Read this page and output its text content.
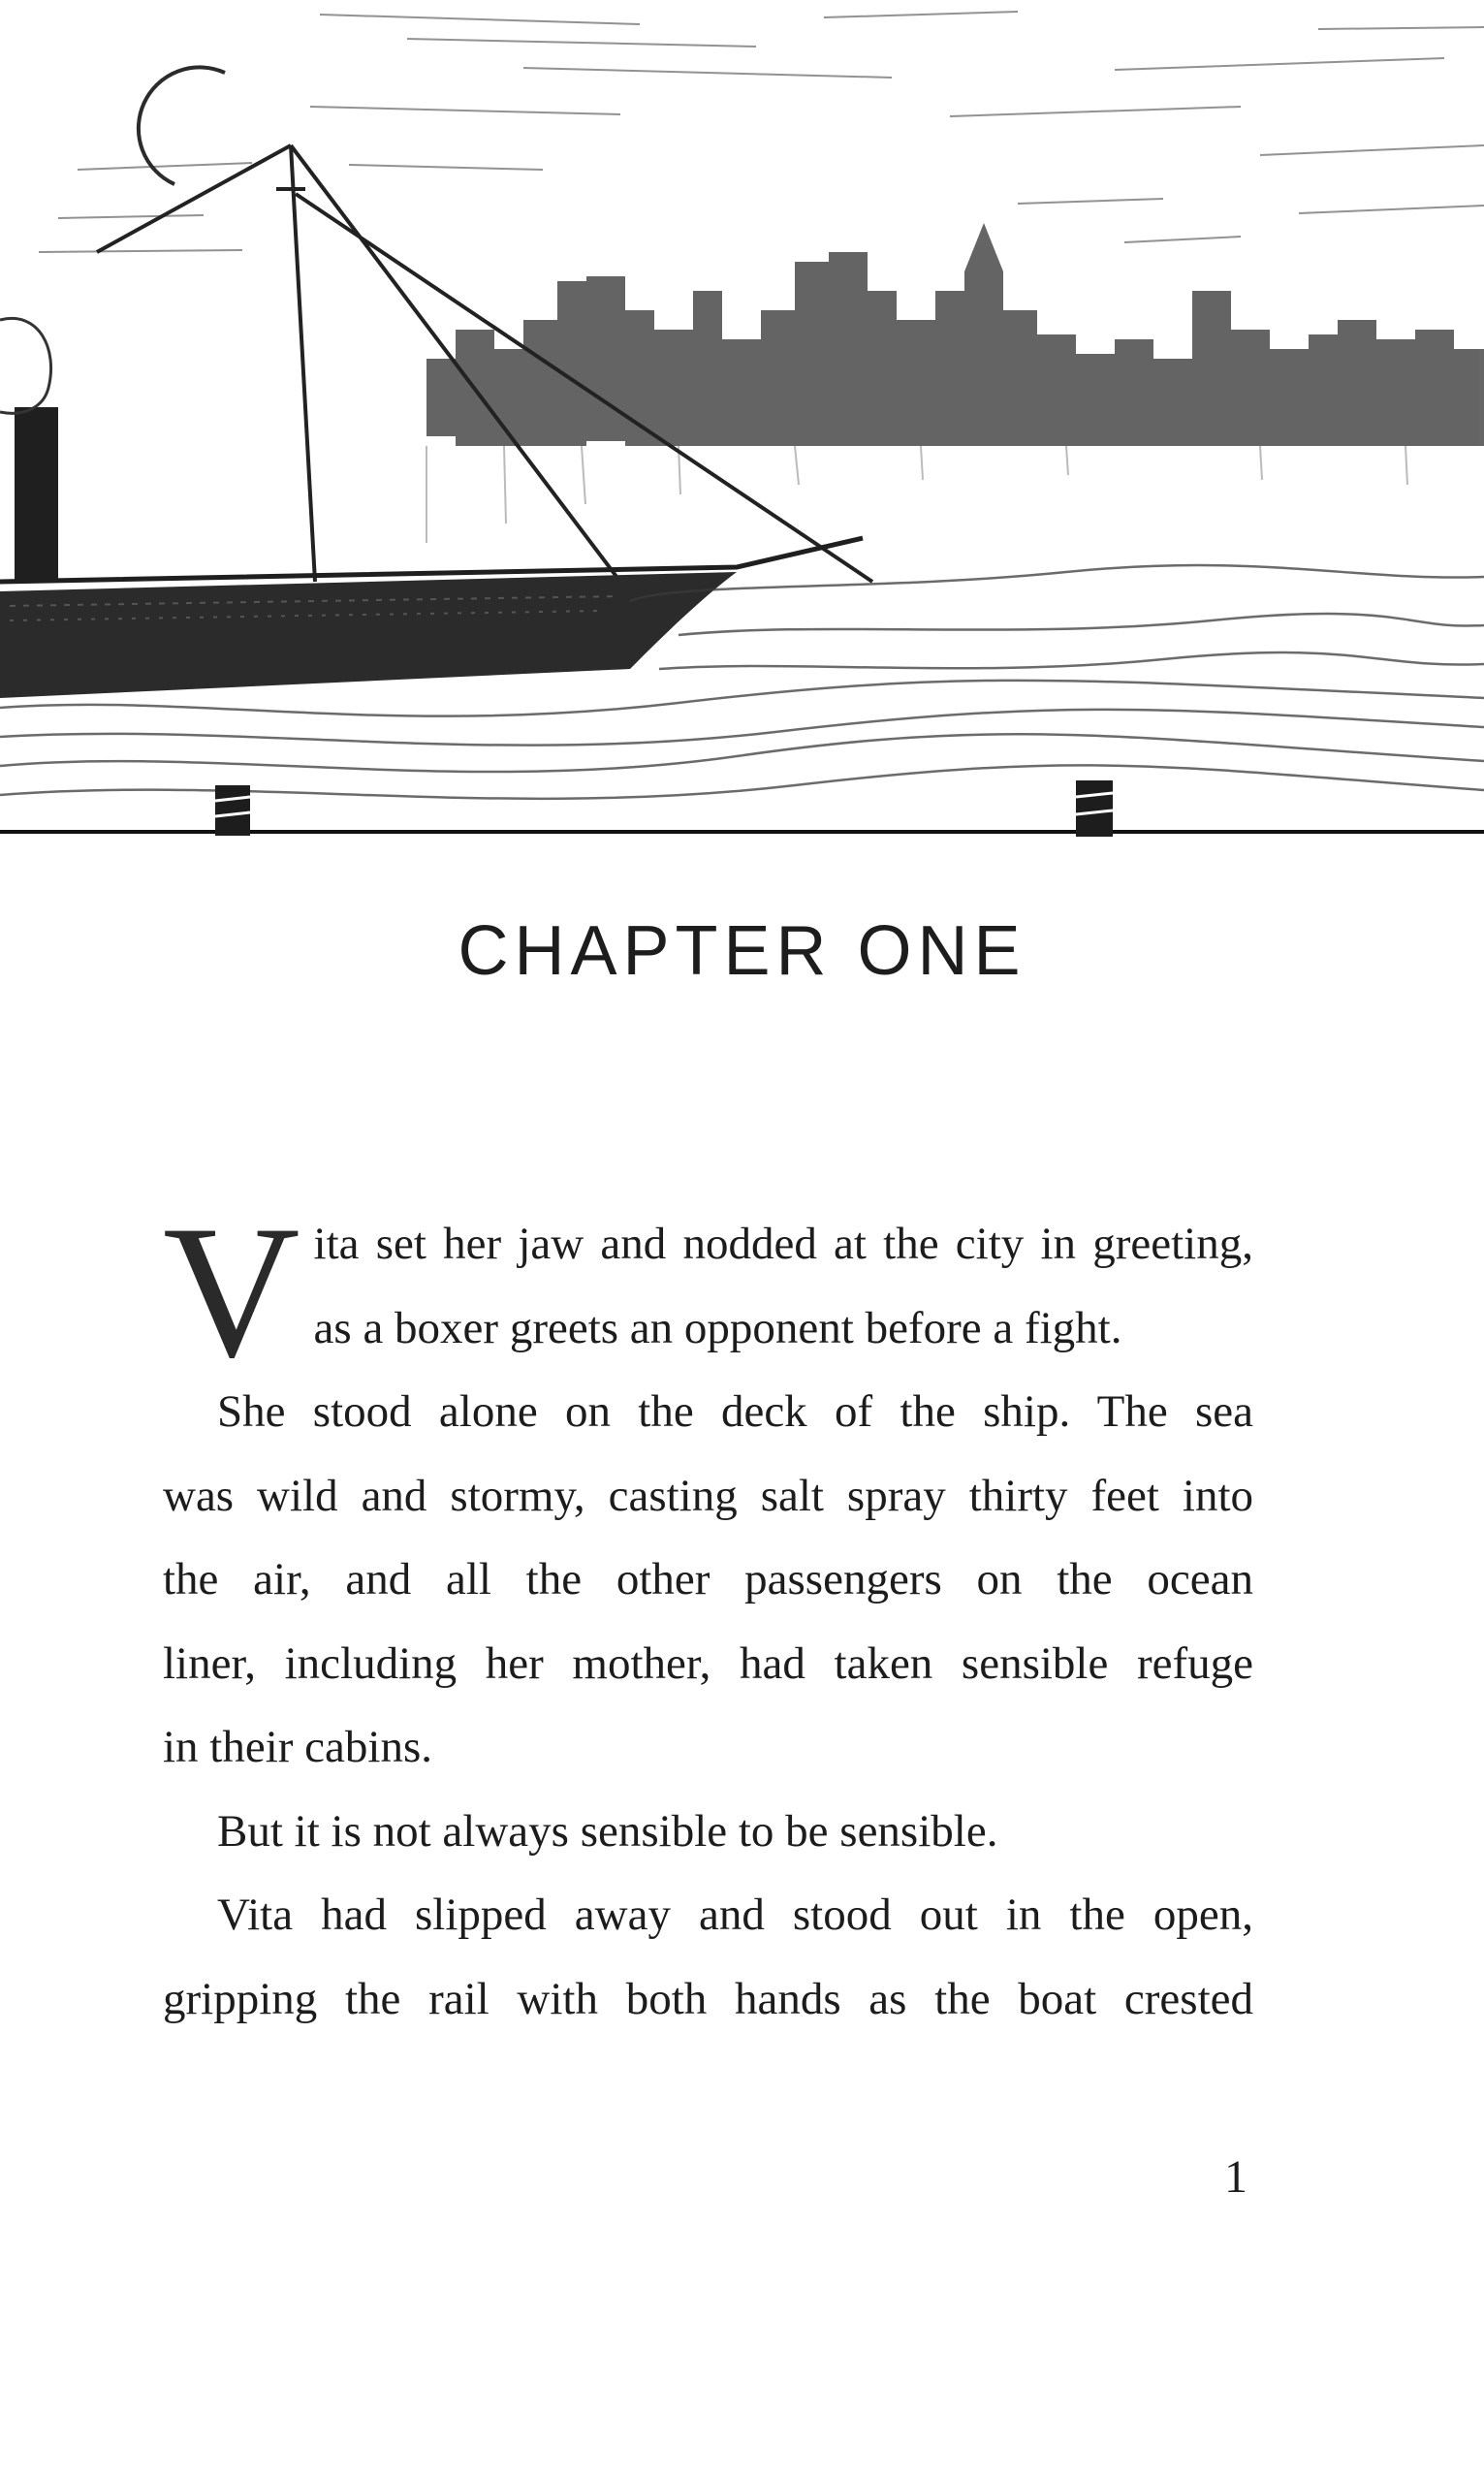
CHAPTER ONE

V ita set her jaw and nodded at the city in greeting,
as a boxer greets an opponent before a fight.

She stood alone on the deck of the ship. The sea

was wild and stormy, casting salt spray thirty feet into
the air, and all the other passengers on the ocean
liner, including her mother, had taken sensible refuge
in their cabins.

But it is not always sensible to be sensible.

Vita had slipped away and stood out in the open,

gripping the rail with both hands as the boat crested

1
